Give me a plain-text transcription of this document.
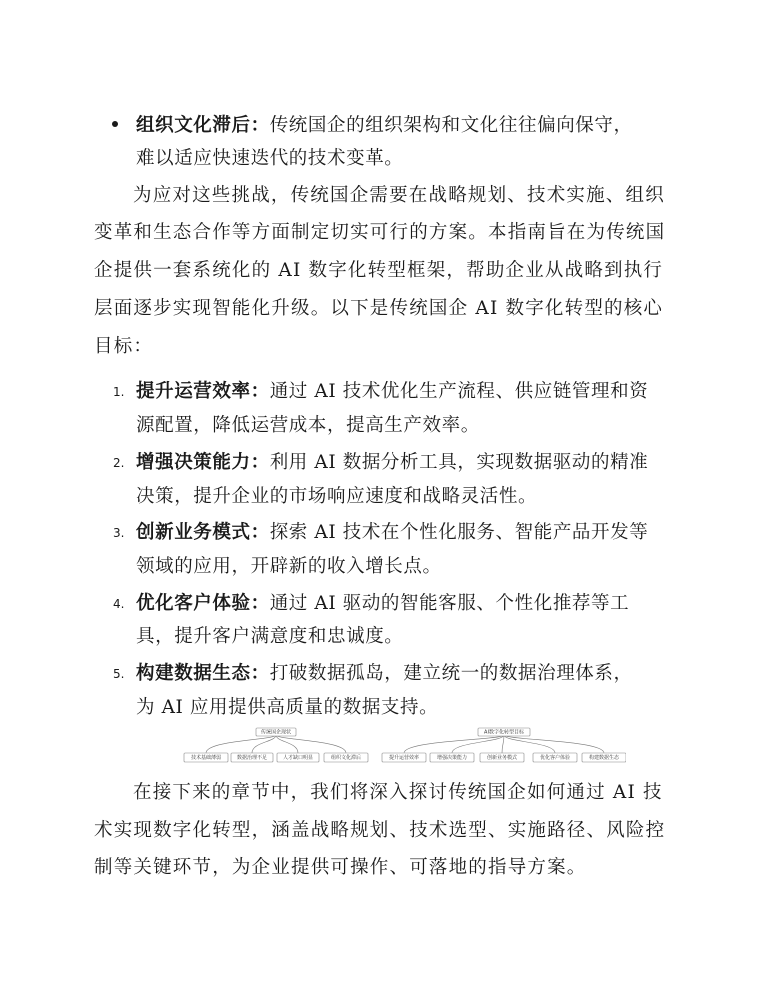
组织文化滞后：传统国企的组织架构和文化往往偏向保守，
难以适应快速迭代的技术变革。
为应对这些挑战，传统国企需要在战略规划、技术实施、组织
变革和生态合作等方面制定切实可行的方案。本指南旨在为传统国
企提供一套系统化的 AI 数字化转型框架，帮助企业从战略到执行
层面逐步实现智能化升级。以下是传统国企 AI 数字化转型的核心
目标：
1. 提升运营效率：通过 AI 技术优化生产流程、供应链管理和资
源配置，降低运营成本，提高生产效率。
2. 增强决策能力：利用 AI 数据分析工具，实现数据驱动的精准
决策，提升企业的市场响应速度和战略灵活性。
3. 创新业务模式：探索 AI 技术在个性化服务、智能产品开发等
领域的应用，开辟新的收入增长点。
4. 优化客户体验：通过 AI 驱动的智能客服、个性化推荐等工
具，提升客户满意度和忠诚度。
5. 构建数据生态：打破数据孤岛，建立统一的数据治理体系，
为 AI 应用提供高质量的数据支持。
传统国企现状
技术基础薄弱	数据治理不足	人才缺口明显	组织文化滞后
AI数字化转型目标
提升运营效率	增强决策能力	创新业务模式	优化客户体验	构建数据生态
在接下来的章节中，我们将深入探讨传统国企如何通过 AI 技
术实现数字化转型，涵盖战略规划、技术选型、实施路径、风险控
制等关键环节，为企业提供可操作、可落地的指导方案。
